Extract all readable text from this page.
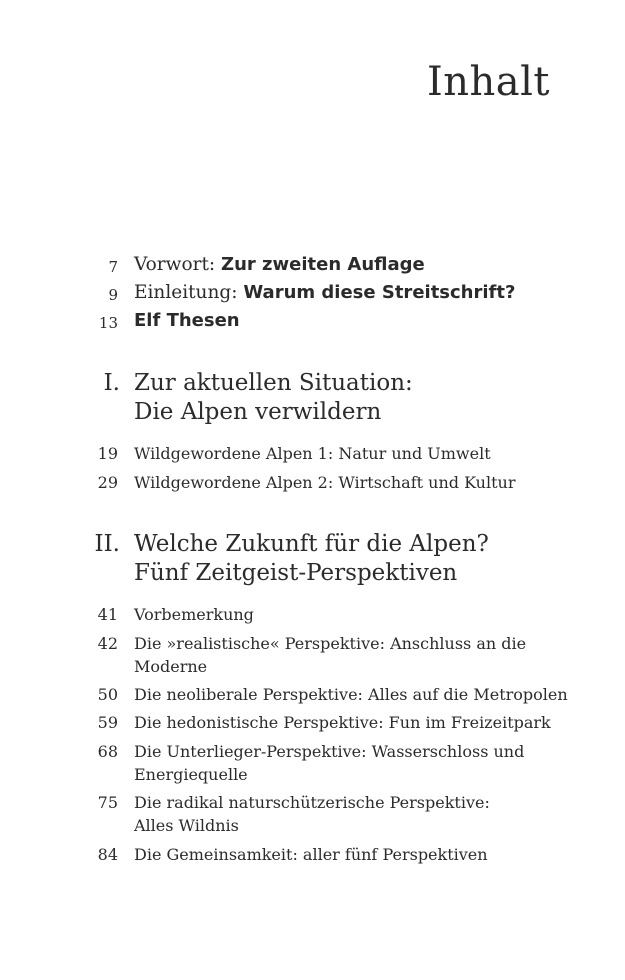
Inhalt
7 Vorwort: Zur zweiten Auflage
9 Einleitung: Warum diese Streitschrift?
13 Elf Thesen
I. Zur aktuellen Situation:
Die Alpen verwildern
19 Wildgewordene Alpen 1: Natur und Umwelt
29 Wildgewordene Alpen 2: Wirtschaft und Kultur
II. Welche Zukunft für die Alpen?
Fünf Zeitgeist-Perspektiven
41 Vorbemerkung
42 Die »realistische« Perspektive: Anschluss an die
Moderne
50 Die neoliberale Perspektive: Alles auf die Metropolen
59 Die hedonistische Perspektive: Fun im Freizeitpark
68 Die Unterlieger-Perspektive: Wasserschloss und
Energiequelle
75 Die radikal naturschützerische Perspektive:
Alles Wildnis
84 Die Gemeinsamkeit: aller fünf Perspektiven
